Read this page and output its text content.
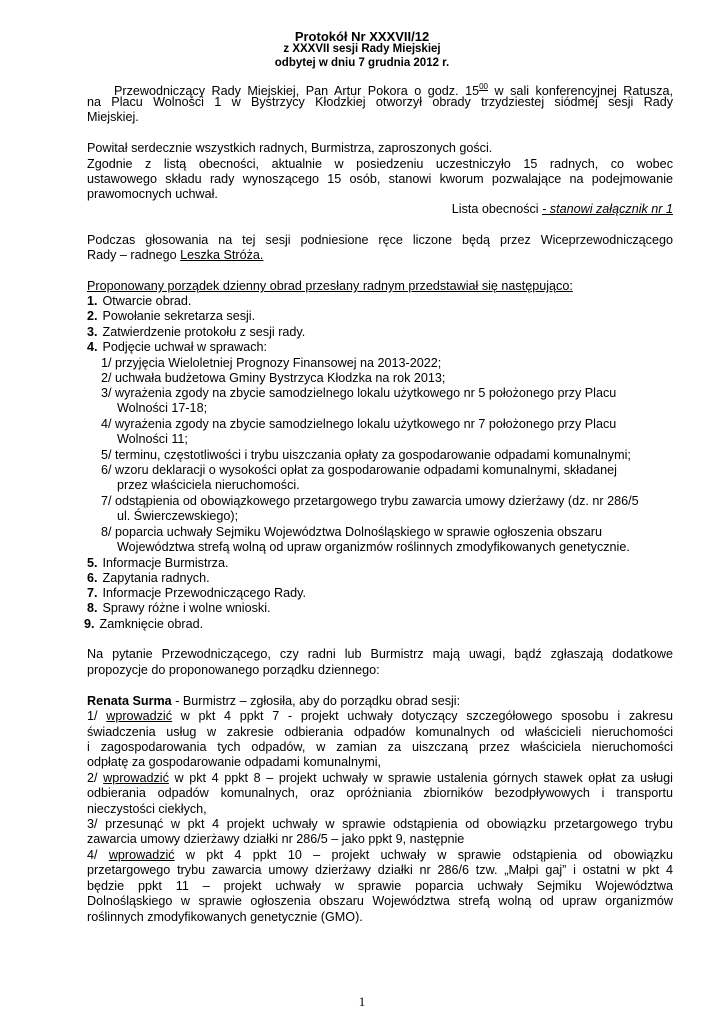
Protokół Nr XXXVII/12
z XXXVII sesji Rady Miejskiej
odbytej w dniu 7 grudnia 2012 r.
Przewodniczący Rady Miejskiej, Pan Artur Pokora o godz. $15^{00}$ w sali konferencyjnej Ratusza,
na Placu Wolności 1 w Bystrzycy Kłodzkiej otworzył obrady trzydziestej siódmej sesji Rady
Miejskiej.
Powitał serdecznie wszystkich radnych, Burmistrza, zaproszonych gości.
Zgodnie z listą obecności, aktualnie w posiedzeniu uczestniczyło 15 radnych, co wobec
ustawowego składu rady wynoszącego 15 osób, stanowi kworum pozwalające na podejmowanie
prawomocnych uchwał.
Lista obecności - stanowi załącznik nr 1
Podczas głosowania na tej sesji podniesione ręce liczone będą przez Wiceprzewodniczącego
Rady – radnego Leszka Stróża.
Proponowany porządek dzienny obrad przesłany radnym przedstawiał się następująco:
1. Otwarcie obrad.
2. Powołanie sekretarza sesji.
3. Zatwierdzenie protokołu z sesji rady.
4. Podjęcie uchwał w sprawach:
1/ przyjęcia Wieloletniej Prognozy Finansowej na 2013-2022;
2/ uchwała budżetowa Gminy Bystrzyca Kłodzka na rok 2013;
3/ wyrażenia zgody na zbycie samodzielnego lokalu użytkowego nr 5 położonego przy Placu
Wolności 17-18;
4/ wyrażenia zgody na zbycie samodzielnego lokalu użytkowego nr 7 położonego przy Placu
Wolności 11;
5/ terminu, częstotliwości i trybu uiszczania opłaty za gospodarowanie odpadami komunalnymi;
6/ wzoru deklaracji o wysokości opłat za gospodarowanie odpadami komunalnymi, składanej
przez właściciela nieruchomości.
7/ odstąpienia od obowiązkowego przetargowego trybu zawarcia umowy dzierżawy (dz. nr 286/5
ul. Świerczewskiego);
8/ poparcia uchwały Sejmiku Województwa Dolnośląskiego w sprawie ogłoszenia obszaru
Województwa strefą wolną od upraw organizmów roślinnych zmodyfikowanych genetycznie.
5. Informacje Burmistrza.
6. Zapytania radnych.
7. Informacje Przewodniczącego Rady.
8. Sprawy różne i wolne wnioski.
9. Zamknięcie obrad.
Na pytanie Przewodniczącego, czy radni lub Burmistrz mają uwagi, bądź zgłaszają dodatkowe
propozycje do proponowanego porządku dziennego:
Renata Surma - Burmistrz – zgłosiła, aby do porządku obrad sesji:
1/ wprowadzić w pkt 4 ppkt 7 - projekt uchwały dotyczący szczegółowego sposobu i zakresu
świadczenia usług w zakresie odbierania odpadów komunalnych od właścicieli nieruchomości
i zagospodarowania tych odpadów, w zamian za uiszczaną przez właściciela nieruchomości
odpłatę za gospodarowanie odpadami komunalnymi,
2/ wprowadzić w pkt 4 ppkt 8 – projekt uchwały w sprawie ustalenia górnych stawek opłat za usługi
odbierania odpadów komunalnych, oraz opróżniania zbiorników bezodpływowych i transportu
nieczystości ciekłych,
3/ przesunąć w pkt 4 projekt uchwały w sprawie odstąpienia od obowiązku przetargowego trybu
zawarcia umowy dzierżawy działki nr 286/5 – jako ppkt 9, następnie
4/ wprowadzić w pkt 4 ppkt 10 – projekt uchwały w sprawie odstąpienia od obowiązku
przetargowego trybu zawarcia umowy dzierżawy działki nr 286/6 tzw. „Małpi gaj” i ostatni w pkt 4
będzie ppkt 11 – projekt uchwały w sprawie poparcia uchwały Sejmiku Województwa
Dolnośląskiego w sprawie ogłoszenia obszaru Województwa strefą wolną od upraw organizmów
roślinnych zmodyfikowanych genetycznie (GMO).
1
